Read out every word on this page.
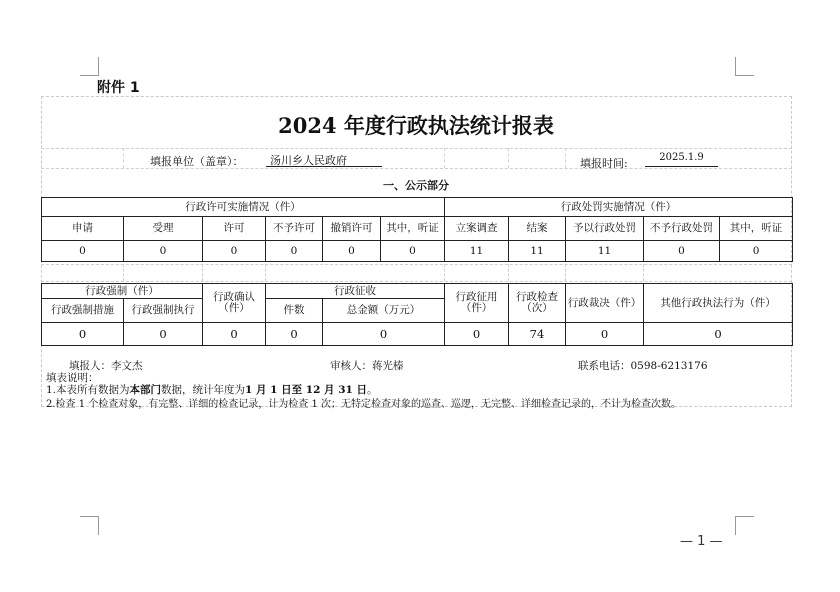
附件 1
2024 年度行政执法统计报表
填报单位（盖章）：	汤川乡人民政府	填报时间:	2025.1.9
一、公示部分
行政许可实施情况（件）						行政处罚实施情况（件）				
申请	受理	许可	不予许可	撤销许可	其中，听证	立案调查	结案	予以行政处罚	不予行政处罚	其中，听证
0	0	0	0	0	0	11	11	11	0	0
行政强制（件）		行政确认（件）	行政征收		行政征用（件）	行政检查（次）	行政裁决（件）	其他行政执法行为（件）
行政强制措施	行政强制执行		件数	总金额（万元）				
0	0	0	0	0	0	74	0	0
填报人：李文杰	审核人：蒋光榛	联系电话：0598-6213176
填表说明：
1.本表所有数据为本部门数据，统计年度为1 月 1 日至 12 月 31 日。
2.检查 1 个检查对象，有完整、详细的检查记录，计为检查 1 次；无特定检查对象的巡查、巡逻，无完整、详细检查记录的，不计为检查次数。
— 1 —
